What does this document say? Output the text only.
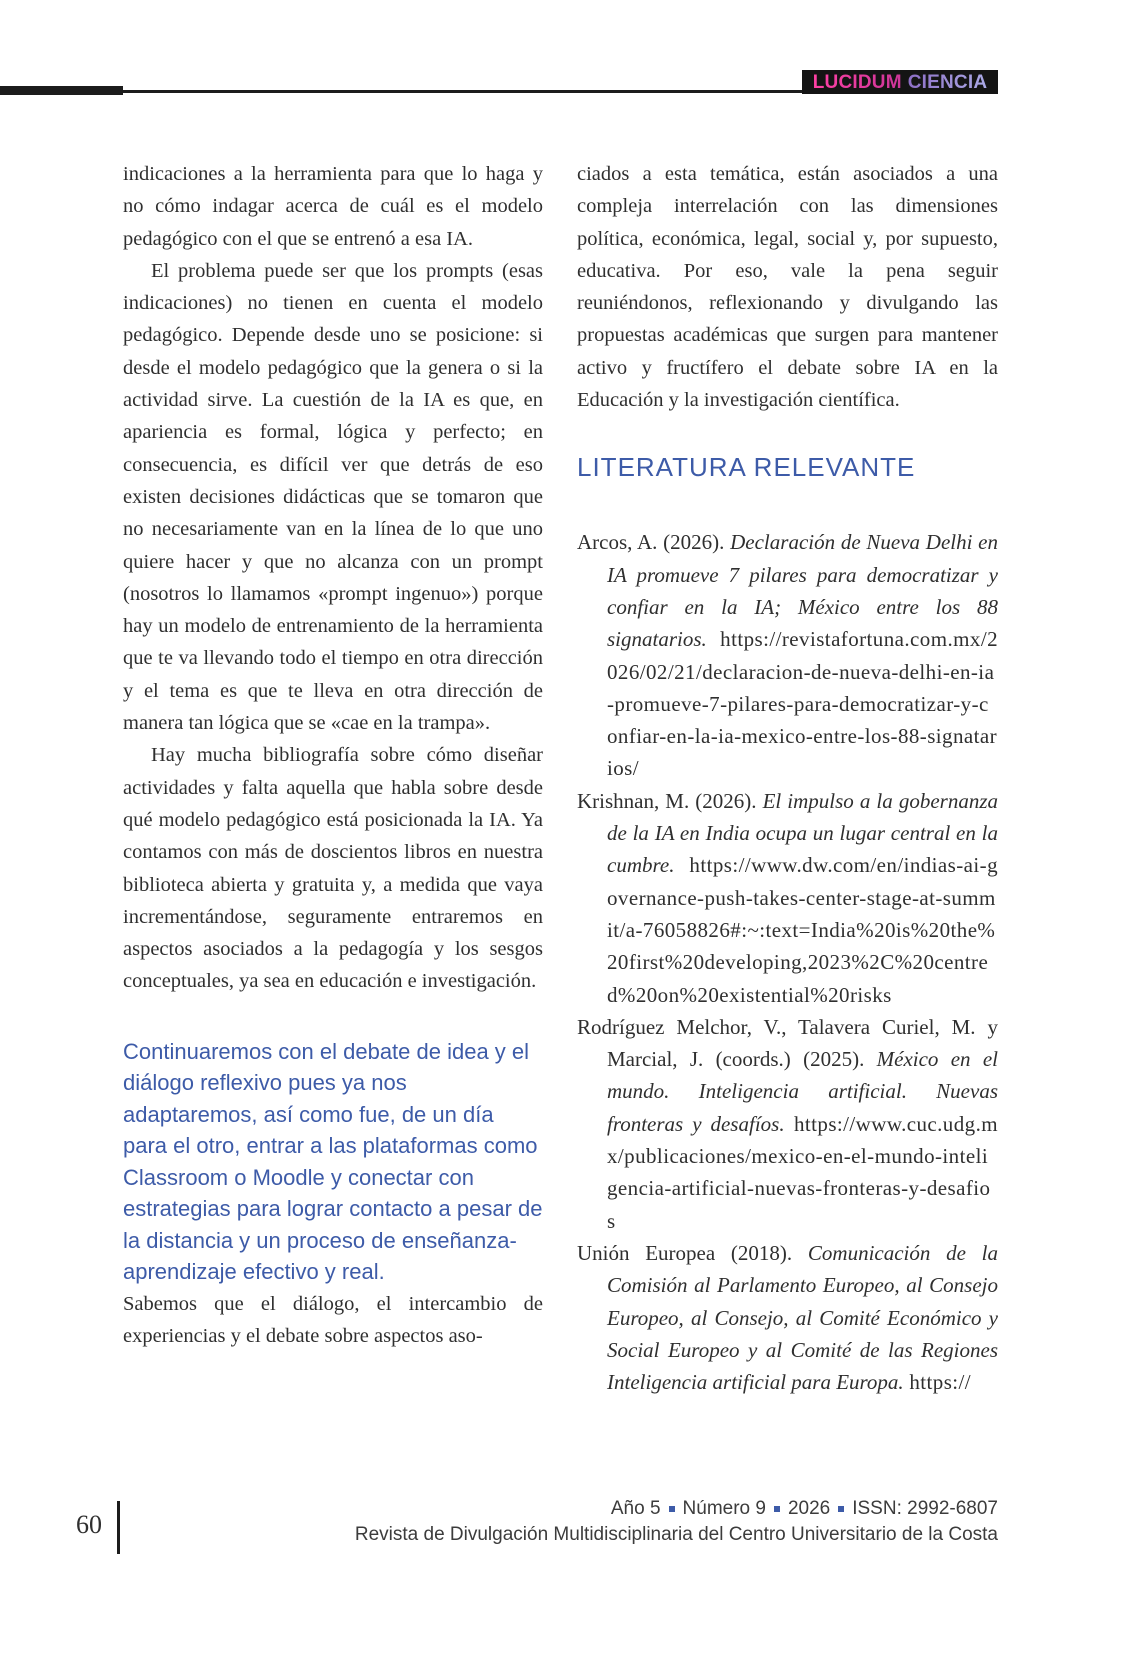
LUCIDUM CIENCIA

indicaciones a la herramienta para que lo haga y no cómo indagar acerca de cuál es el modelo pedagógico con el que se entrenó a esa IA.

El problema puede ser que los prompts (esas indicaciones) no tienen en cuenta el modelo pedagógico. Depende desde uno se posicione: si desde el modelo pedagógico que la genera o si la actividad sirve. La cuestión de la IA es que, en apariencia es formal, lógica y perfecto; en consecuencia, es difícil ver que detrás de eso existen decisiones didácticas que se tomaron que no necesariamente van en la línea de lo que uno quiere hacer y que no alcanza con un prompt (nosotros lo llamamos «prompt ingenuo») porque hay un modelo de entrenamiento de la herramienta que te va llevando todo el tiempo en otra dirección y el tema es que te lleva en otra dirección de manera tan lógica que se «cae en la trampa».

Hay mucha bibliografía sobre cómo diseñar actividades y falta aquella que habla sobre desde qué modelo pedagógico está posicionada la IA. Ya contamos con más de doscientos libros en nuestra biblioteca abierta y gratuita y, a medida que vaya incrementándose, seguramente entraremos en aspectos asociados a la pedagogía y los sesgos conceptuales, ya sea en educación e investigación.

Continuaremos con el debate de idea y el diálogo reflexivo pues ya nos adaptaremos, así como fue, de un día para el otro, entrar a las plataformas como Classroom o Moodle y conectar con estrategias para lograr contacto a pesar de la distancia y un proceso de enseñanza-aprendizaje efectivo y real.

Sabemos que el diálogo, el intercambio de experiencias y el debate sobre aspectos aso-

ciados a esta temática, están asociados a una compleja interrelación con las dimensiones política, económica, legal, social y, por supuesto, educativa. Por eso, vale la pena seguir reuniéndonos, reflexionando y divulgando las propuestas académicas que surgen para mantener activo y fructífero el debate sobre IA en la Educación y la investigación científica.

LITERATURA RELEVANTE

Arcos, A. (2026). Declaración de Nueva Delhi en IA promueve 7 pilares para democratizar y confiar en la IA; México entre los 88 signatarios. https://revistafortuna.com.mx/2026/02/21/declaracion-de-nueva-delhi-en-ia-promueve-7-pilares-para-democratizar-y-confiar-en-la-ia-mexico-entre-los-88-signatarios/

Krishnan, M. (2026). El impulso a la gobernanza de la IA en India ocupa un lugar central en la cumbre. https://www.dw.com/en/indias-ai-governance-push-takes-center-stage-at-summit/a-76058826#:~:text=India%20is%20the%20first%20developing,2023%2C%20centred%20on%20existential%20risks

Rodríguez Melchor, V., Talavera Curiel, M. y Marcial, J. (coords.) (2025). México en el mundo. Inteligencia artificial. Nuevas fronteras y desafíos. https://www.cuc.udg.mx/publicaciones/mexico-en-el-mundo-inteligencia-artificial-nuevas-fronteras-y-desafios

Unión Europea (2018). Comunicación de la Comisión al Parlamento Europeo, al Consejo Europeo, al Consejo, al Comité Económico y Social Europeo y al Comité de las Regiones Inteligencia artificial para Europa. https://

60
Año 5 Número 9 2026 ISSN: 2992-6807
Revista de Divulgación Multidisciplinaria del Centro Universitario de la Costa
